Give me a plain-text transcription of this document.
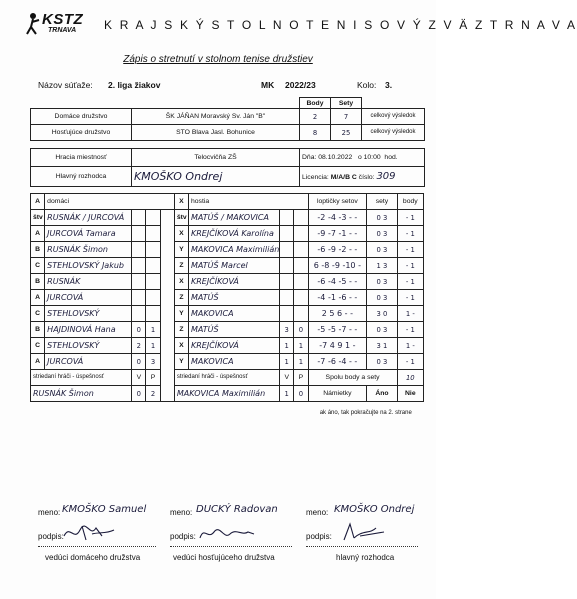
KSTZ
TRNAVA	K R A J S K Ý S T O L N O T E N I S O V Ý Z V Ä Z T R N A V A
Zápis o stretnutí v stolnom tenise družstiev
Názov súťaže: 2. liga žiakov	MK 2022/23	Kolo: 3.
		Body	Sety	
Domáce družstvo	ŠK JÁŇAN Moravský Sv. Ján "B"	2	7	celkový výsledok
Hosťujúce družstvo	STO Blava Jasl. Bohunice	8	25	celkový výsledok
Hracia miestnosť	Telocvičňa ZŠ	Dňa: 08.10.2022 o 10:00 hod.
Hlavný rozhodca	KMOŠKO Ondrej	Licencia: M/A/B C číslo: 309
A	domáci				X	hostia			loptičky setov	sety	body
štv	RUSNÁK / JURCOVÁ				štv	MATÚŠ / MAKOVICA			-2 -4 -3 - -	0 3	- 1
A	JURCOVÁ Tamara				X	KREJČÍKOVÁ Karolína			-9 -7 -1 - -	0 3	- 1
B	RUSNÁK Šimon				Y	MAKOVICA Maximilián			-6 -9 -2 - -	0 3	- 1
C	STEHLOVSKÝ Jakub				Z	MATÚŠ Marcel			6 -8 -9 -10 -	1 3	- 1
B	RUSNÁK				X	KREJČÍKOVÁ			-6 -4 -5 - -	0 3	- 1
A	JURCOVÁ				Z	MATÚŠ			-4 -1 -6 - -	0 3	- 1
C	STEHLOVSKÝ				Y	MAKOVICA			2 5 6 - -	3 0	1 -
B	HAJDINOVÁ Hana	0	1		Z	MATÚŠ	3	0	-5 -5 -7 - -	0 3	- 1
C	STEHLOVSKÝ	2	1		X	KREJČÍKOVÁ	1	1	-7 4 9 1 -	3 1	1 -
A	JURCOVÁ	0	3		Y	MAKOVICA	1	1	-7 -6 -4 - -	0 3	- 1
striedaní hráči - úspešnosť		V	P		striedaní hráči - úspešnosť		V	P	Spolu body a sety		10
RUSNÁK Šimon		0	2		MAKOVICA Maximilián		1	0	Námietky	Áno	Nie
									ak áno, tak pokračujte na 2. strane		
meno: KMOŠKO Samuel
podpis:
vedúci domáceho družstva
meno: DUCKÝ Radovan
podpis:
vedúci hosťujúceho družstva
meno: KMOŠKO Ondrej
podpis:
hlavný rozhodca
